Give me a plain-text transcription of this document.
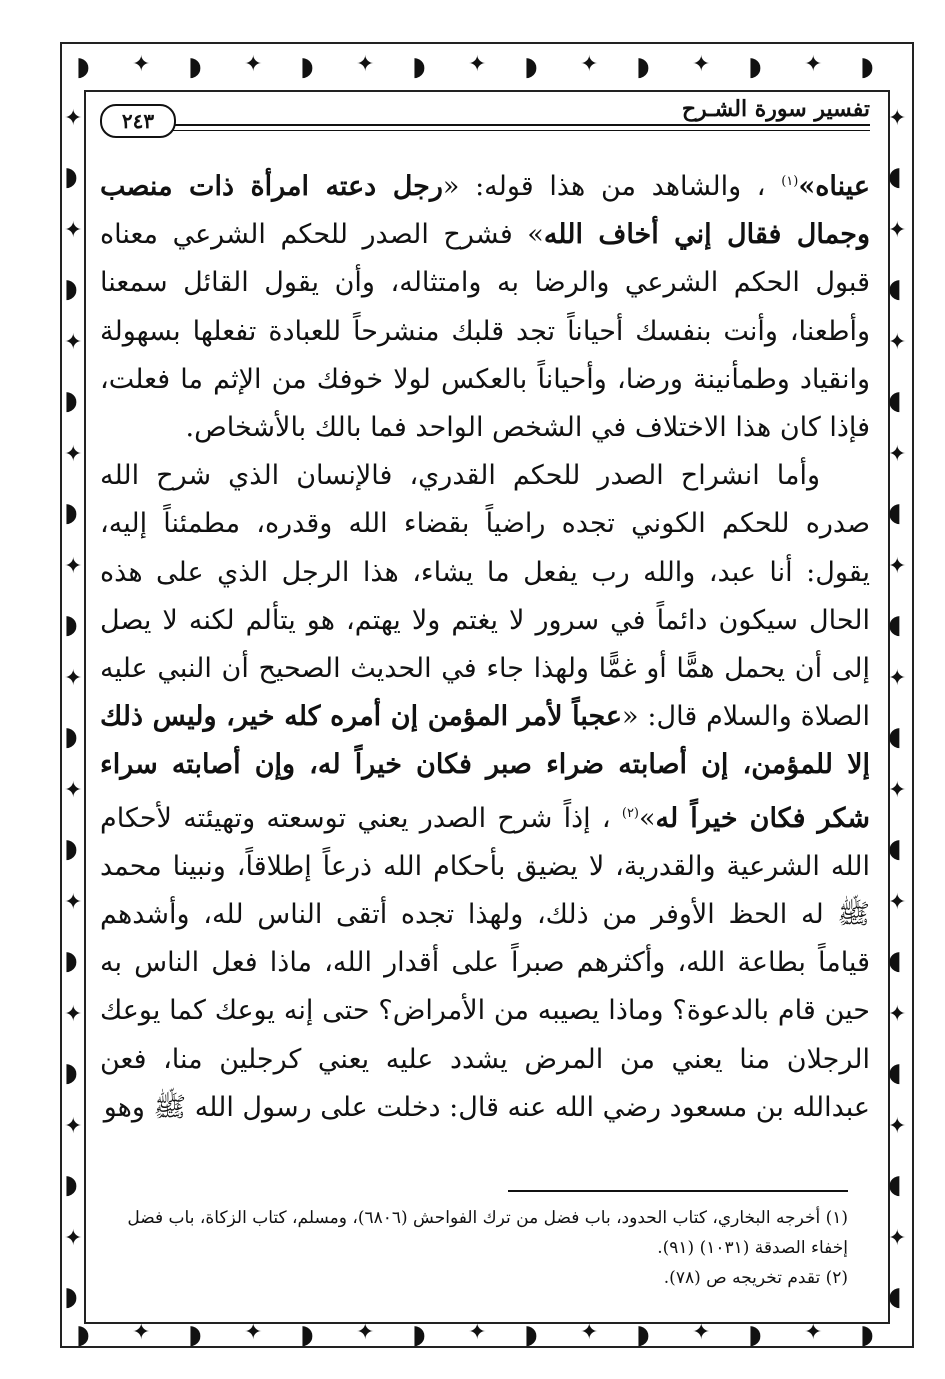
◗ ✦ ◗ ✦ ◗ ✦ ◗ ✦ ◗ ✦ ◗ ✦ ◗ ✦ ◗
◗ ✦ ◗ ✦ ◗ ✦ ◗ ✦ ◗ ✦ ◗ ✦ ◗ ✦ ◗
✦
◗
✦
◗
✦
◗
✦
◗
✦
◗
✦
◗
✦
◗
✦
◗
✦
◗
✦
◗
✦
◗
✦
◖
✦
◖
✦
◖
✦
◖
✦
◖
✦
◖
✦
◖
✦
◖
✦
◖
✦
◖
✦
◖
٢٤٣	تفسير سورة الشـرح

عيناه»$^{(١)}$ ، والشاهد من هذا قوله: «رجل دعته امرأة ذات منصب وجمال فقال إني أخاف الله» فشرح الصدر للحكم الشرعي معناه قبول الحكم الشرعي والرضا به وامتثاله، وأن يقول القائل سمعنا وأطعنا، وأنت بنفسك أحياناً تجد قلبك منشرحاً للعبادة تفعلها بسهولة وانقياد وطمأنينة ورضا، وأحياناً بالعكس لولا خوفك من الإثم ما فعلت، فإذا كان هذا الاختلاف في الشخص الواحد فما بالك بالأشخاص.

وأما انشراح الصدر للحكم القدري، فالإنسان الذي شرح الله صدره للحكم الكوني تجده راضياً بقضاء الله وقدره، مطمئناً إليه، يقول: أنا عبد، والله رب يفعل ما يشاء، هذا الرجل الذي على هذه الحال سيكون دائماً في سرور لا يغتم ولا يهتم، هو يتألم لكنه لا يصل إلى أن يحمل همًّا أو غمًّا ولهذا جاء في الحديث الصحيح أن النبي عليه الصلاة والسلام قال: «عجباً لأمر المؤمن إن أمره كله خير، وليس ذلك إلا للمؤمن، إن أصابته ضراء صبر فكان خيراً له، وإن أصابته سراء شكر فكان خيراً له»$^{(٢)}$ ، إذاً شرح الصدر يعني توسعته وتهيئته لأحكام الله الشرعية والقدرية، لا يضيق بأحكام الله ذرعاً إطلاقاً، ونبينا محمد ﷺ له الحظ الأوفر من ذلك، ولهذا تجده أتقى الناس لله، وأشدهم قياماً بطاعة الله، وأكثرهم صبراً على أقدار الله، ماذا فعل الناس به حين قام بالدعوة؟ وماذا يصيبه من الأمراض؟ حتى إنه يوعك كما يوعك الرجلان منا يعني من المرض يشدد عليه يعني كرجلين منا، فعن عبدالله بن مسعود رضي الله عنه قال: دخلت على رسول الله ﷺ وهو

(١) أخرجه البخاري، كتاب الحدود، باب فضل من ترك الفواحش (٦٨٠٦)، ومسلم، كتاب الزكاة، باب فضل إخفاء الصدقة (١٠٣١) (٩١).

(٢) تقدم تخريجه ص (٧٨).
